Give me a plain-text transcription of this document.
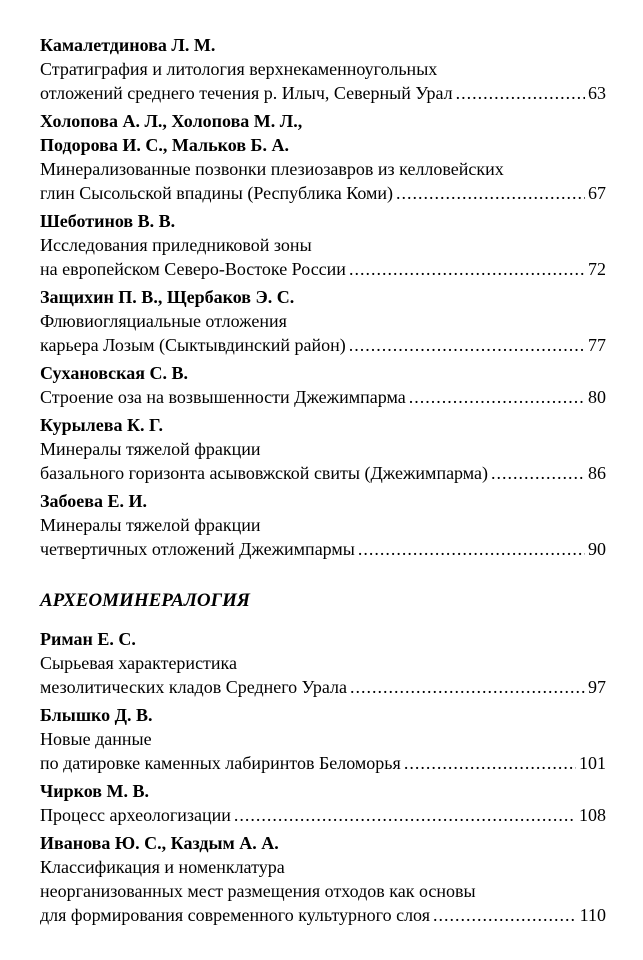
Камалетдинова Л. М.
Стратиграфия и литология верхнекаменноугольных
отложений среднего течения р. Илыч, Северный Урал .....	63
Холопова А. Л., Холопова М. Л.,
Подорова И. С., Мальков Б. А.
Минерализованные позвонки плезиозавров из келловейских
глин Сысольской впадины (Республика Коми) .....	67
Шеботинов В. В.
Исследования приледниковой зоны
на европейском Северо-Востоке России .....	72
Защихин П. В., Щербаков Э. С.
Флювиогляциальные отложения
карьера Лозым (Сыктывдинский район) .....	77
Сухановская С. В.
Строение оза на возвышенности Джежимпарма .....	80
Курылева К. Г.
Минералы тяжелой фракции
базального горизонта асывовжской свиты (Джежимпарма) .....	86
Забоева Е. И.
Минералы тяжелой фракции
четвертичных отложений Джежимпармы .....	90
АРХЕОМИНЕРАЛОГИЯ
Риман Е. С.
Сырьевая характеристика
мезолитических кладов Среднего Урала .....	97
Блышко Д. В.
Новые данные
по датировке каменных лабиринтов Беломорья .....	101
Чирков М. В.
Процесс археологизации .....	108
Иванова Ю. С., Каздым А. А.
Классификация и номенклатура
неорганизованных мест размещения отходов как основы
для формирования современного культурного слоя .....	110
